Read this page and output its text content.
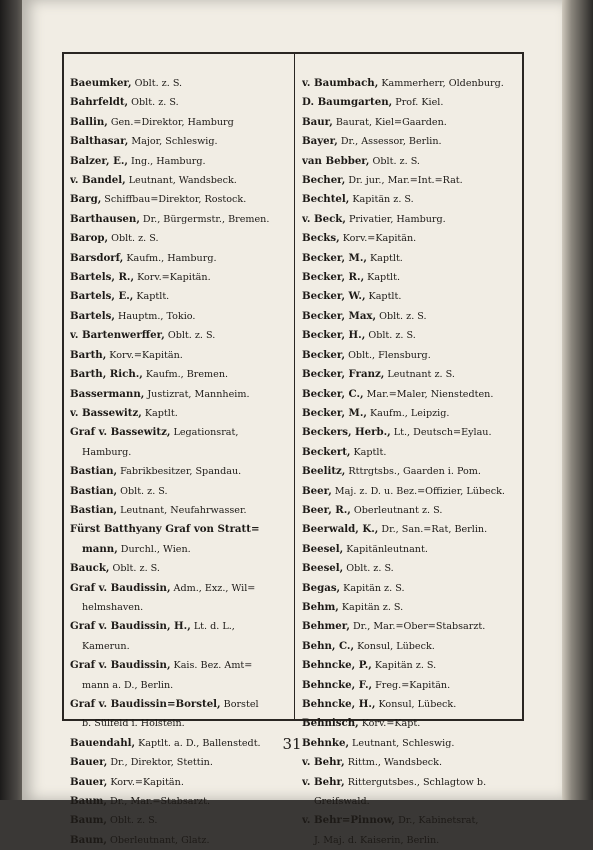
Baeumker, Oblt. z. S.
Bahrfeldt, Oblt. z. S.
Ballin, Gen.=Direktor, Hamburg
Balthasar, Major, Schleswig.
Balzer, E., Ing., Hamburg.
v. Bandel, Leutnant, Wandsbeck.
Barg, Schiffbau=Direktor, Rostock.
Barthausen, Dr., Bürgermstr., Bremen.
Barop, Oblt. z. S.
Barsdorf, Kaufm., Hamburg.
Bartels, R., Korv.=Kapitän.
Bartels, E., Kaptlt.
Bartels, Hauptm., Tokio.
v. Bartenwerffer, Oblt. z. S.
Barth, Korv.=Kapitän.
Barth, Rich., Kaufm., Bremen.
Bassermann, Justizrat, Mannheim.
v. Bassewitz, Kaptlt.
Graf v. Bassewitz, Legationsrat,
Hamburg.
Bastian, Fabrikbesitzer, Spandau.
Bastian, Oblt. z. S.
Bastian, Leutnant, Neufahrwasser.
Fürst Batthyany Graf von Stratt=
mann, Durchl., Wien.
Bauck, Oblt. z. S.
Graf v. Baudissin, Adm., Exz., Wil=
helmshaven.
Graf v. Baudissin, H., Lt. d. L.,
Kamerun.
Graf v. Baudissin, Kais. Bez. Amt=
mann a. D., Berlin.
Graf v. Baudissin=Borstel, Borstel
b. Sülfeld i. Holstein.
Bauendahl, Kaptlt. a. D., Ballenstedt.
Bauer, Dr., Direktor, Stettin.
Bauer, Korv.=Kapitän.
Baum, Dr., Mar.=Stabsarzt.
Baum, Oblt. z. S.
Baum, Oberleutnant, Glatz.
v. Baumbach, Kammerherr, Oldenburg.
D. Baumgarten, Prof. Kiel.
Baur, Baurat, Kiel=Gaarden.
Bayer, Dr., Assessor, Berlin.
van Bebber, Oblt. z. S.
Becher, Dr. jur., Mar.=Int.=Rat.
Bechtel, Kapitän z. S.
v. Beck, Privatier, Hamburg.
Becks, Korv.=Kapitän.
Becker, M., Kaptlt.
Becker, R., Kaptlt.
Becker, W., Kaptlt.
Becker, Max, Oblt. z. S.
Becker, H., Oblt. z. S.
Becker, Oblt., Flensburg.
Becker, Franz, Leutnant z. S.
Becker, C., Mar.=Maler, Nienstedten.
Becker, M., Kaufm., Leipzig.
Beckers, Herb., Lt., Deutsch=Eylau.
Beckert, Kaptlt.
Beelitz, Rttrgtsbs., Gaarden i. Pom.
Beer, Maj. z. D. u. Bez.=Offizier, Lübeck.
Beer, R., Oberleutnant z. S.
Beerwald, K., Dr., San.=Rat, Berlin.
Beesel, Kapitänleutnant.
Beesel, Oblt. z. S.
Begas, Kapitän z. S.
Behm, Kapitän z. S.
Behmer, Dr., Mar.=Ober=Stabsarzt.
Behn, C., Konsul, Lübeck.
Behncke, P., Kapitän z. S.
Behncke, F., Freg.=Kapitän.
Behncke, H., Konsul, Lübeck.
Behnisch, Korv.=Kapt.
Behnke, Leutnant, Schleswig.
v. Behr, Rittm., Wandsbeck.
v. Behr, Rittergutsbes., Schlagtow b.
Greifswald.
v. Behr=Pinnow, Dr., Kabinetsrat,
J. Maj. d. Kaiserin, Berlin.
31
